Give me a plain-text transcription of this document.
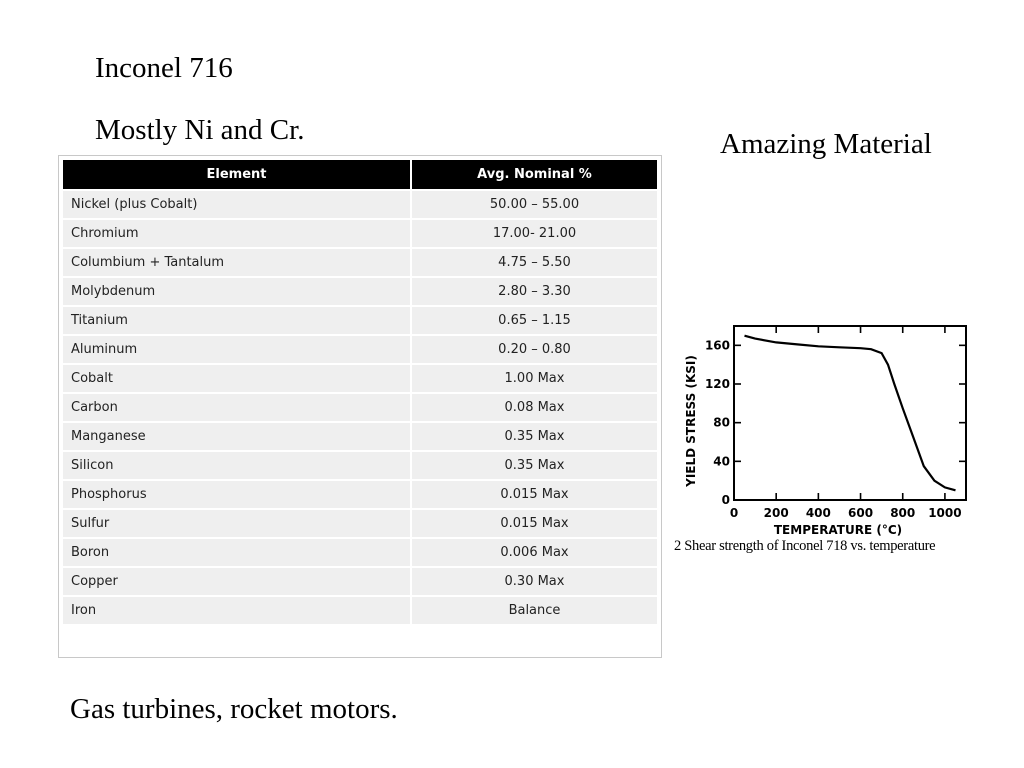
Inconel 716
Mostly Ni and Cr.	Amazing Material
Element	Avg. Nominal %
Nickel (plus Cobalt)	50.00 – 55.00
Chromium	17.00- 21.00
Columbium + Tantalum	4.75 – 5.50
Molybdenum	2.80 – 3.30
Titanium	0.65 – 1.15
Aluminum	0.20 – 0.80
Cobalt	1.00 Max
Carbon	0.08 Max
Manganese	0.35 Max
Silicon	0.35 Max
Phosphorus	0.015 Max
Sulfur	0.015 Max
Boron	0.006 Max
Copper	0.30 Max
Iron	Balance
0 200 400 600 800 1000
0
40
80
120
160
TEMPERATURE (°C)
YIELD STRESS (KSI)
2 Shear strength of Inconel 718 vs. temperature
Gas turbines, rocket motors.
